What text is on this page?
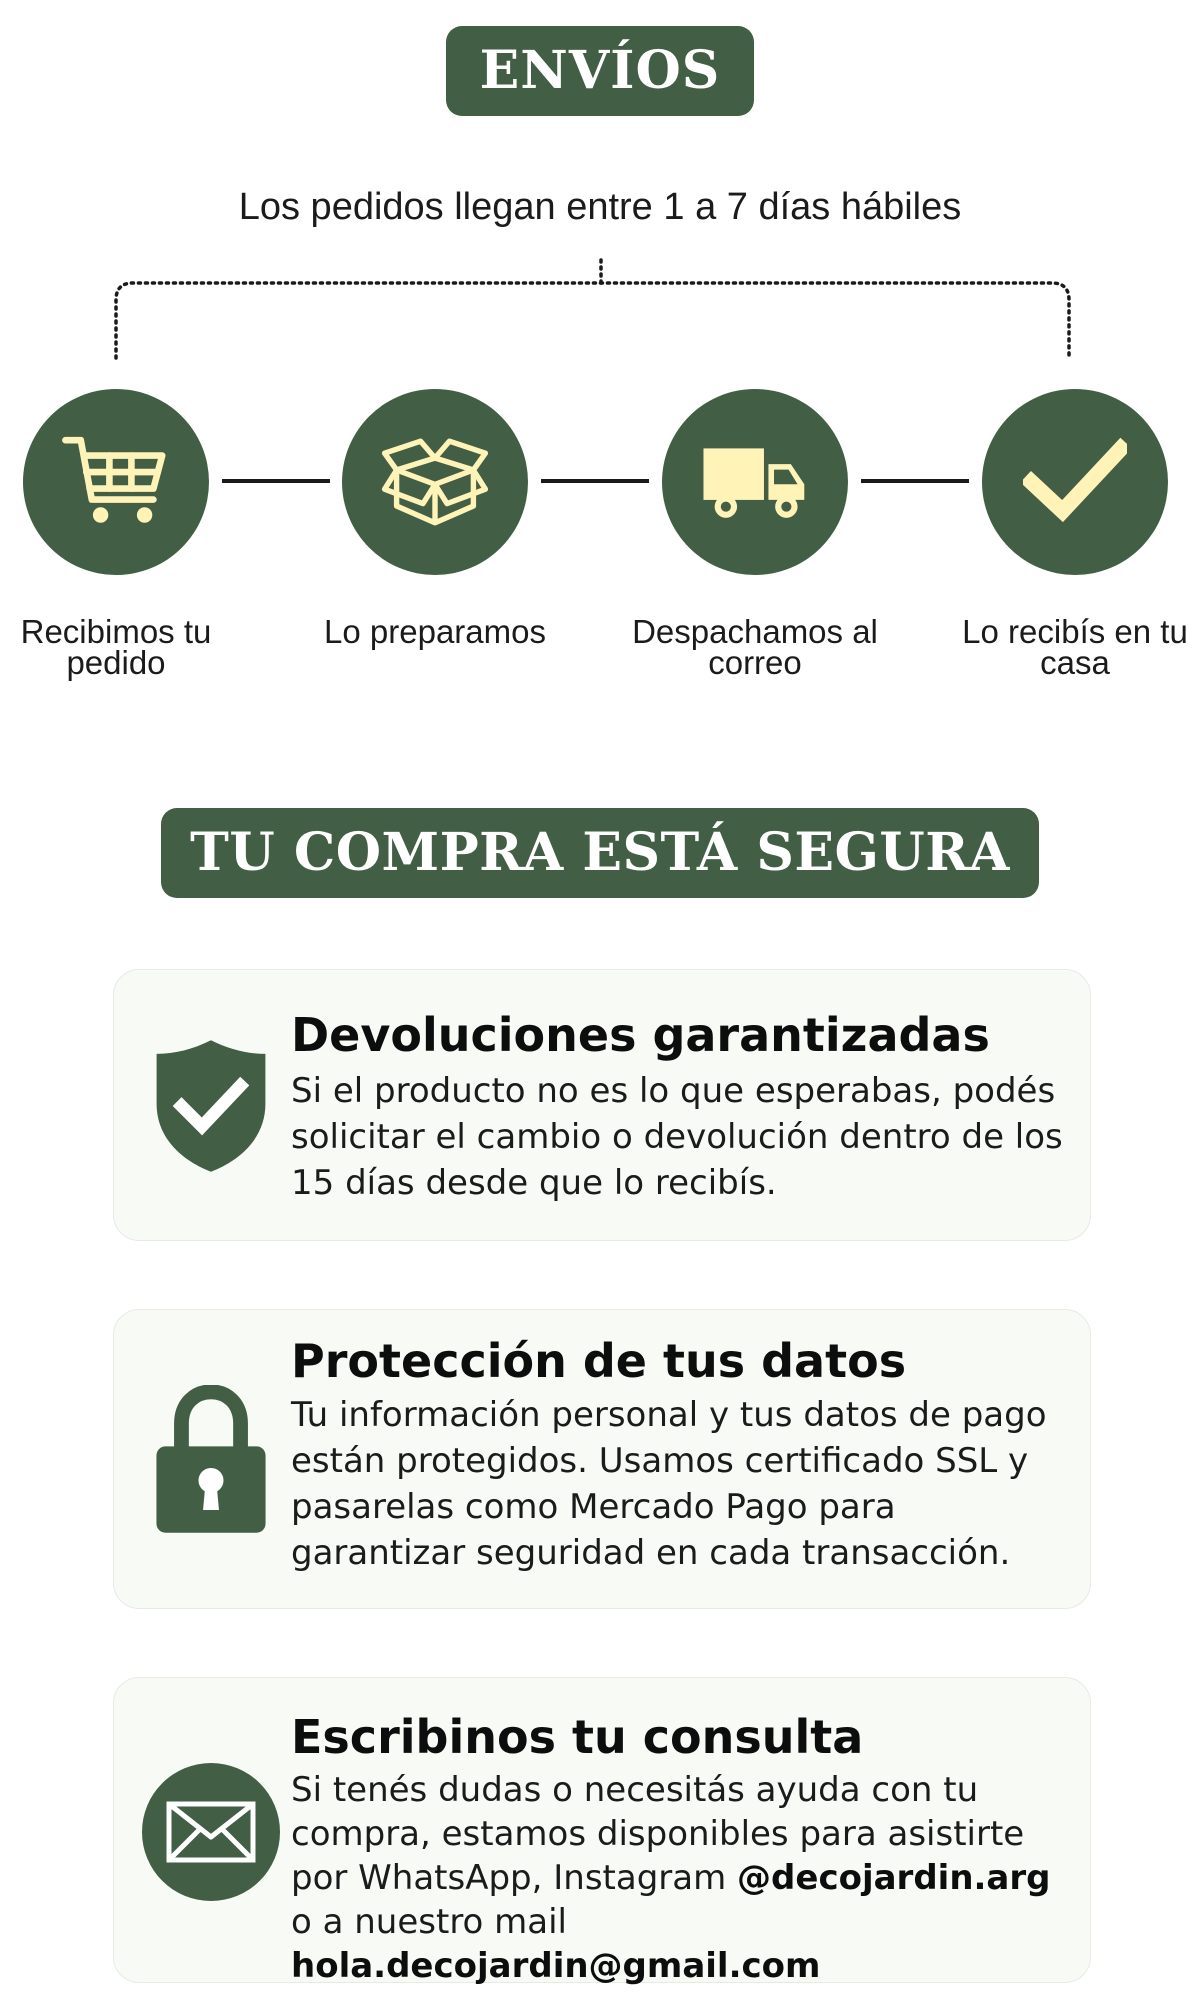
ENVÍOS
Los pedidos llegan entre 1 a 7 días hábiles
Recibimos tu pedido
Lo preparamos	Despachamos al correo
Lo recibís en tu casa
TU COMPRA ESTÁ SEGURA
Devoluciones garantizadas
Si el producto no es lo que esperabas, podés solicitar el cambio o devolución dentro de los 15 días desde que lo recibís.
Protección de tus datos
Tu información personal y tus datos de pago están protegidos. Usamos certificado SSL y pasarelas como Mercado Pago para garantizar seguridad en cada transacción.
Escribinos tu consulta
Si tenés dudas o necesitás ayuda con tu compra, estamos disponibles para asistirte por WhatsApp, Instagram @decojardin.arg o a nuestro mail hola.decojardin@gmail.com
